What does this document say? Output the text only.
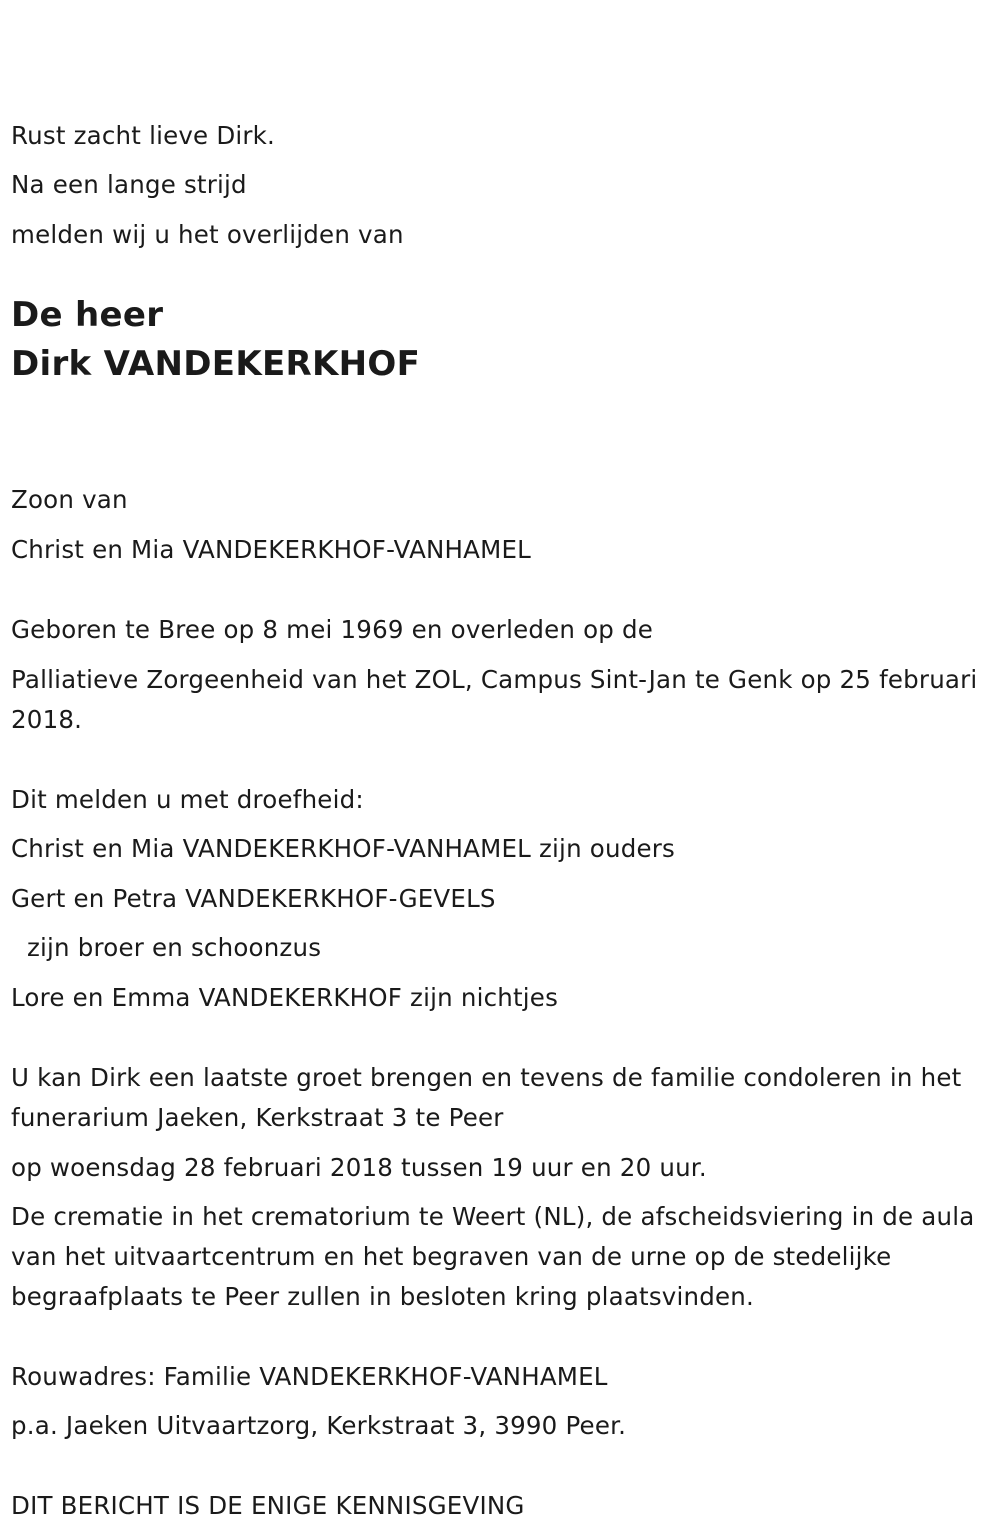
Rust zacht lieve Dirk.
Na een lange strijd
melden wij u het overlijden van
De heer
Dirk VANDEKERKHOF
Zoon van
Christ en Mia VANDEKERKHOF-VANHAMEL
Geboren te Bree op 8 mei 1969 en overleden op de
Palliatieve Zorgeenheid van het ZOL, Campus Sint-Jan te Genk op 25 februari 2018.
Dit melden u met droefheid:
Christ en Mia VANDEKERKHOF-VANHAMEL zijn ouders
Gert en Petra VANDEKERKHOF-GEVELS
zijn broer en schoonzus
Lore en Emma VANDEKERKHOF zijn nichtjes
U kan Dirk een laatste groet brengen en tevens de familie condoleren in het funerarium Jaeken, Kerkstraat 3 te Peer
op woensdag 28 februari 2018 tussen 19 uur en 20 uur.
De crematie in het crematorium te Weert (NL), de afscheidsviering in de aula van het uitvaartcentrum en het begraven van de urne op de stedelijke begraafplaats te Peer zullen in besloten kring plaatsvinden.
Rouwadres: Familie VANDEKERKHOF-VANHAMEL
p.a. Jaeken Uitvaartzorg, Kerkstraat 3, 3990 Peer.
DIT BERICHT IS DE ENIGE KENNISGEVING
